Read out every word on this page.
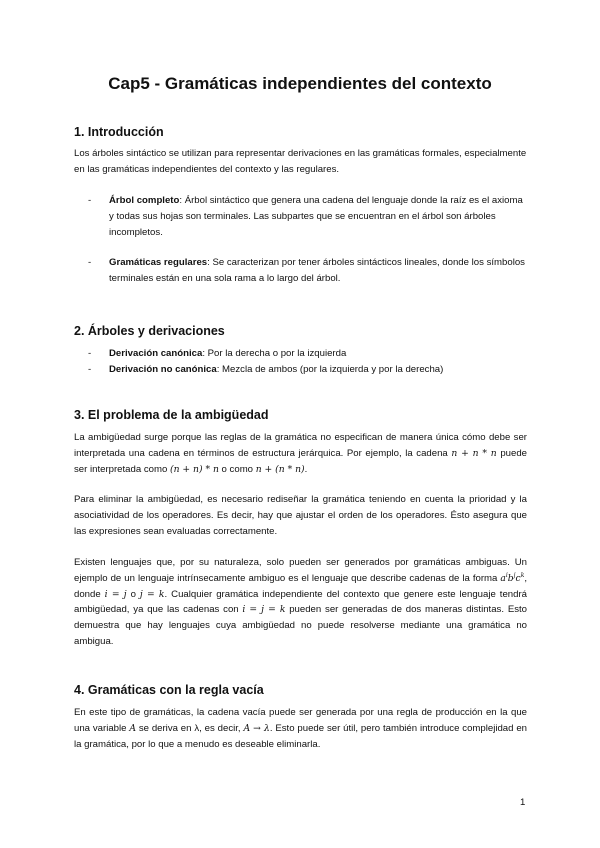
Cap5 - Gramáticas independientes del contexto
1. Introducción

Los árboles sintáctico se utilizan para representar derivaciones en las gramáticas formales, especialmente en las gramáticas independientes del contexto y las regulares.

- Árbol completo: Árbol sintáctico que genera una cadena del lenguaje donde la raíz es el axioma y todas sus hojas son terminales. Las subpartes que se encuentran en el árbol son árboles incompletos.
- Gramáticas regulares: Se caracterizan por tener árboles sintácticos lineales, donde los símbolos terminales están en una sola rama a lo largo del árbol.
2. Árboles y derivaciones
- Derivación canónica: Por la derecha o por la izquierda
- Derivación no canónica: Mezcla de ambos (por la izquierda y por la derecha)
3. El problema de la ambigüedad

La ambigüedad surge porque las reglas de la gramática no especifican de manera única cómo debe ser interpretada una cadena en términos de estructura jerárquica. Por ejemplo, la cadena n + n * n puede ser interpretada como (n + n) * n o como n + (n * n).

Para eliminar la ambigüedad, es necesario rediseñar la gramática teniendo en cuenta la prioridad y la asociatividad de los operadores. Es decir, hay que ajustar el orden de los operadores. Ésto asegura que las expresiones sean evaluadas correctamente.

Existen lenguajes que, por su naturaleza, solo pueden ser generados por gramáticas ambiguas. Un ejemplo de un lenguaje intrínsecamente ambiguo es el lenguaje que describe cadenas de la forma $a^ib^jc^k$, donde i = j o j = k. Cualquier gramática independiente del contexto que genere este lenguaje tendrá ambigüedad, ya que las cadenas con i = j = k pueden ser generadas de dos maneras distintas. Esto demuestra que hay lenguajes cuya ambigüedad no puede resolverse mediante una gramática no ambigua.

4. Gramáticas con la regla vacía

En este tipo de gramáticas, la cadena vacía puede ser generada por una regla de producción en la que una variable A se deriva en λ, es decir, A → λ. Esto puede ser útil, pero también introduce complejidad en la gramática, por lo que a menudo es deseable eliminarla.

1
